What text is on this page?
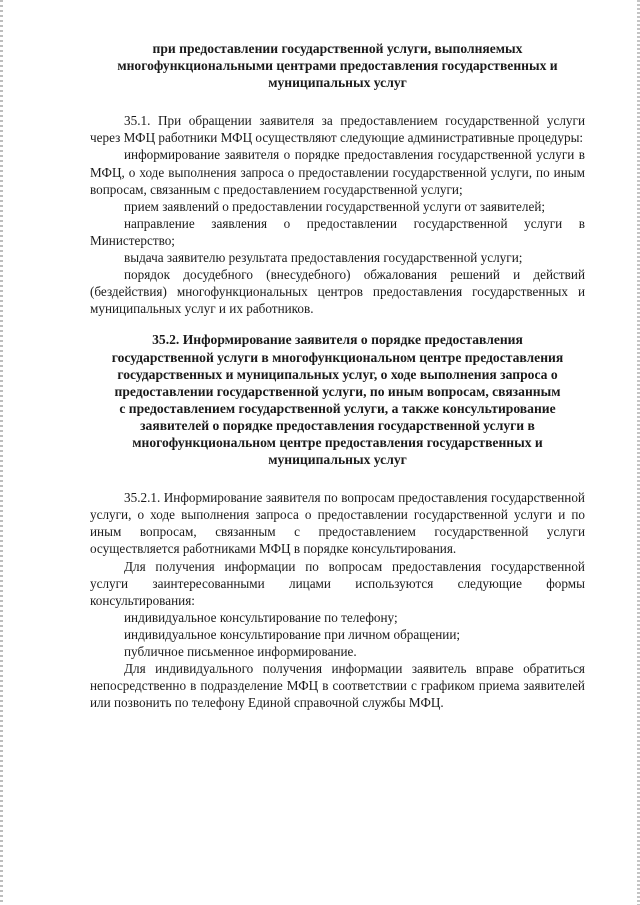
при предоставлении государственной услуги, выполняемых
многофункциональными центрами предоставления государственных и
муниципальных услуг

35.1. При обращении заявителя за предоставлением государственной услуги через МФЦ работники МФЦ осуществляют следующие административные процедуры:

информирование заявителя о порядке предоставления государственной услуги в МФЦ, о ходе выполнения запроса о предоставлении государственной услуги, по иным вопросам, связанным с предоставлением государственной услуги;

прием заявлений о предоставлении государственной услуги от заявителей;

направление заявления о предоставлении государственной услуги в Министерство;

выдача заявителю результата предоставления государственной услуги;

порядок досудебного (внесудебного) обжалования решений и действий (бездействия) многофункциональных центров предоставления государственных и муниципальных услуг и их работников.

35.2. Информирование заявителя о порядке предоставления
государственной услуги в многофункциональном центре предоставления
государственных и муниципальных услуг, о ходе выполнения запроса о
предоставлении государственной услуги, по иным вопросам, связанным
с предоставлением государственной услуги, а также консультирование
заявителей о порядке предоставления государственной услуги в
многофункциональном центре предоставления государственных и
муниципальных услуг

35.2.1. Информирование заявителя по вопросам предоставления государственной услуги, о ходе выполнения запроса о предоставлении государственной услуги и по иным вопросам, связанным с предоставлением государственной услуги осуществляется работниками МФЦ в порядке консультирования.

Для получения информации по вопросам предоставления государственной услуги заинтересованными лицами используются следующие формы консультирования:

индивидуальное консультирование по телефону;

индивидуальное консультирование при личном обращении;

публичное письменное информирование.

Для индивидуального получения информации заявитель вправе обратиться непосредственно в подразделение МФЦ в соответствии с графиком приема заявителей или позвонить по телефону Единой справочной службы МФЦ.
